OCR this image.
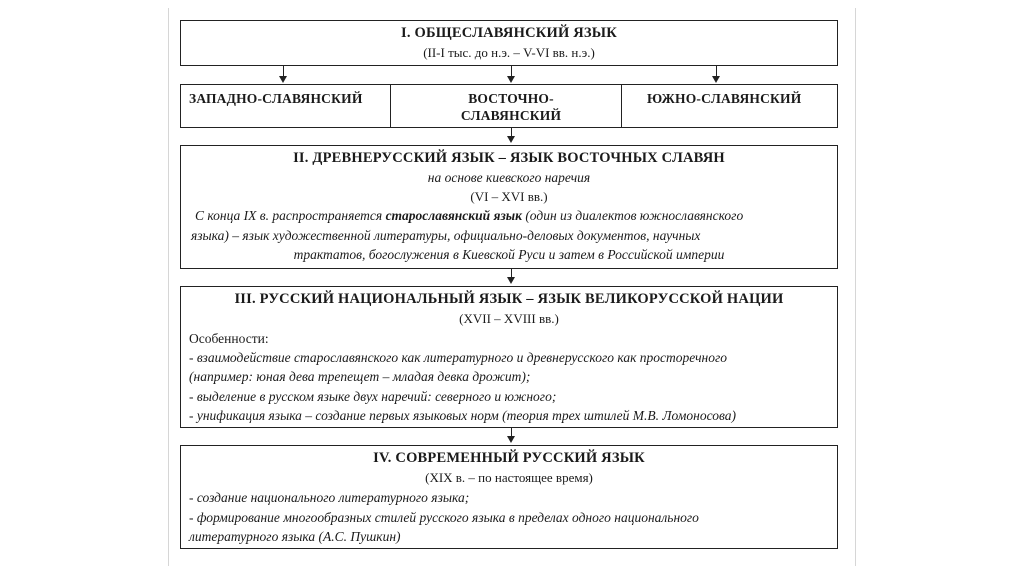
I. ОБЩЕСЛАВЯНСКИЙ ЯЗЫК
(II-I тыс. до н.э. – V-VI вв. н.э.)
ЗАПАДНО-СЛАВЯНСКИЙ	ВОСТОЧНО-
СЛАВЯНСКИЙ
ЮЖНО-СЛАВЯНСКИЙ
II. ДРЕВНЕРУССКИЙ ЯЗЫК – ЯЗЫК ВОСТОЧНЫХ СЛАВЯН
на основе киевского наречия
(VI – XVI вв.)
С конца IX в. распространяется старославянский язык (один из диалектов южнославянского
языка) – язык художественной литературы, официально-деловых документов, научных
трактатов, богослужения в Киевской Руси и затем в Российской империи
III. РУССКИЙ НАЦИОНАЛЬНЫЙ ЯЗЫК – ЯЗЫК ВЕЛИКОРУССКОЙ НАЦИИ
(XVII – XVIII вв.)
Особенности:
- взаимодействие старославянского как литературного и древнерусского как просторечного
(например: юная дева трепещет – младая девка дрожит);
- выделение в русском языке двух наречий: северного и южного;
- унификация языка – создание первых языковых норм (теория трех штилей М.В. Ломоносова)
IV. СОВРЕМЕННЫЙ РУССКИЙ ЯЗЫК
(XIX в. – по настоящее время)
- создание национального литературного языка;
- формирование многообразных стилей русского языка в пределах одного национального
литературного языка (А.С. Пушкин)
